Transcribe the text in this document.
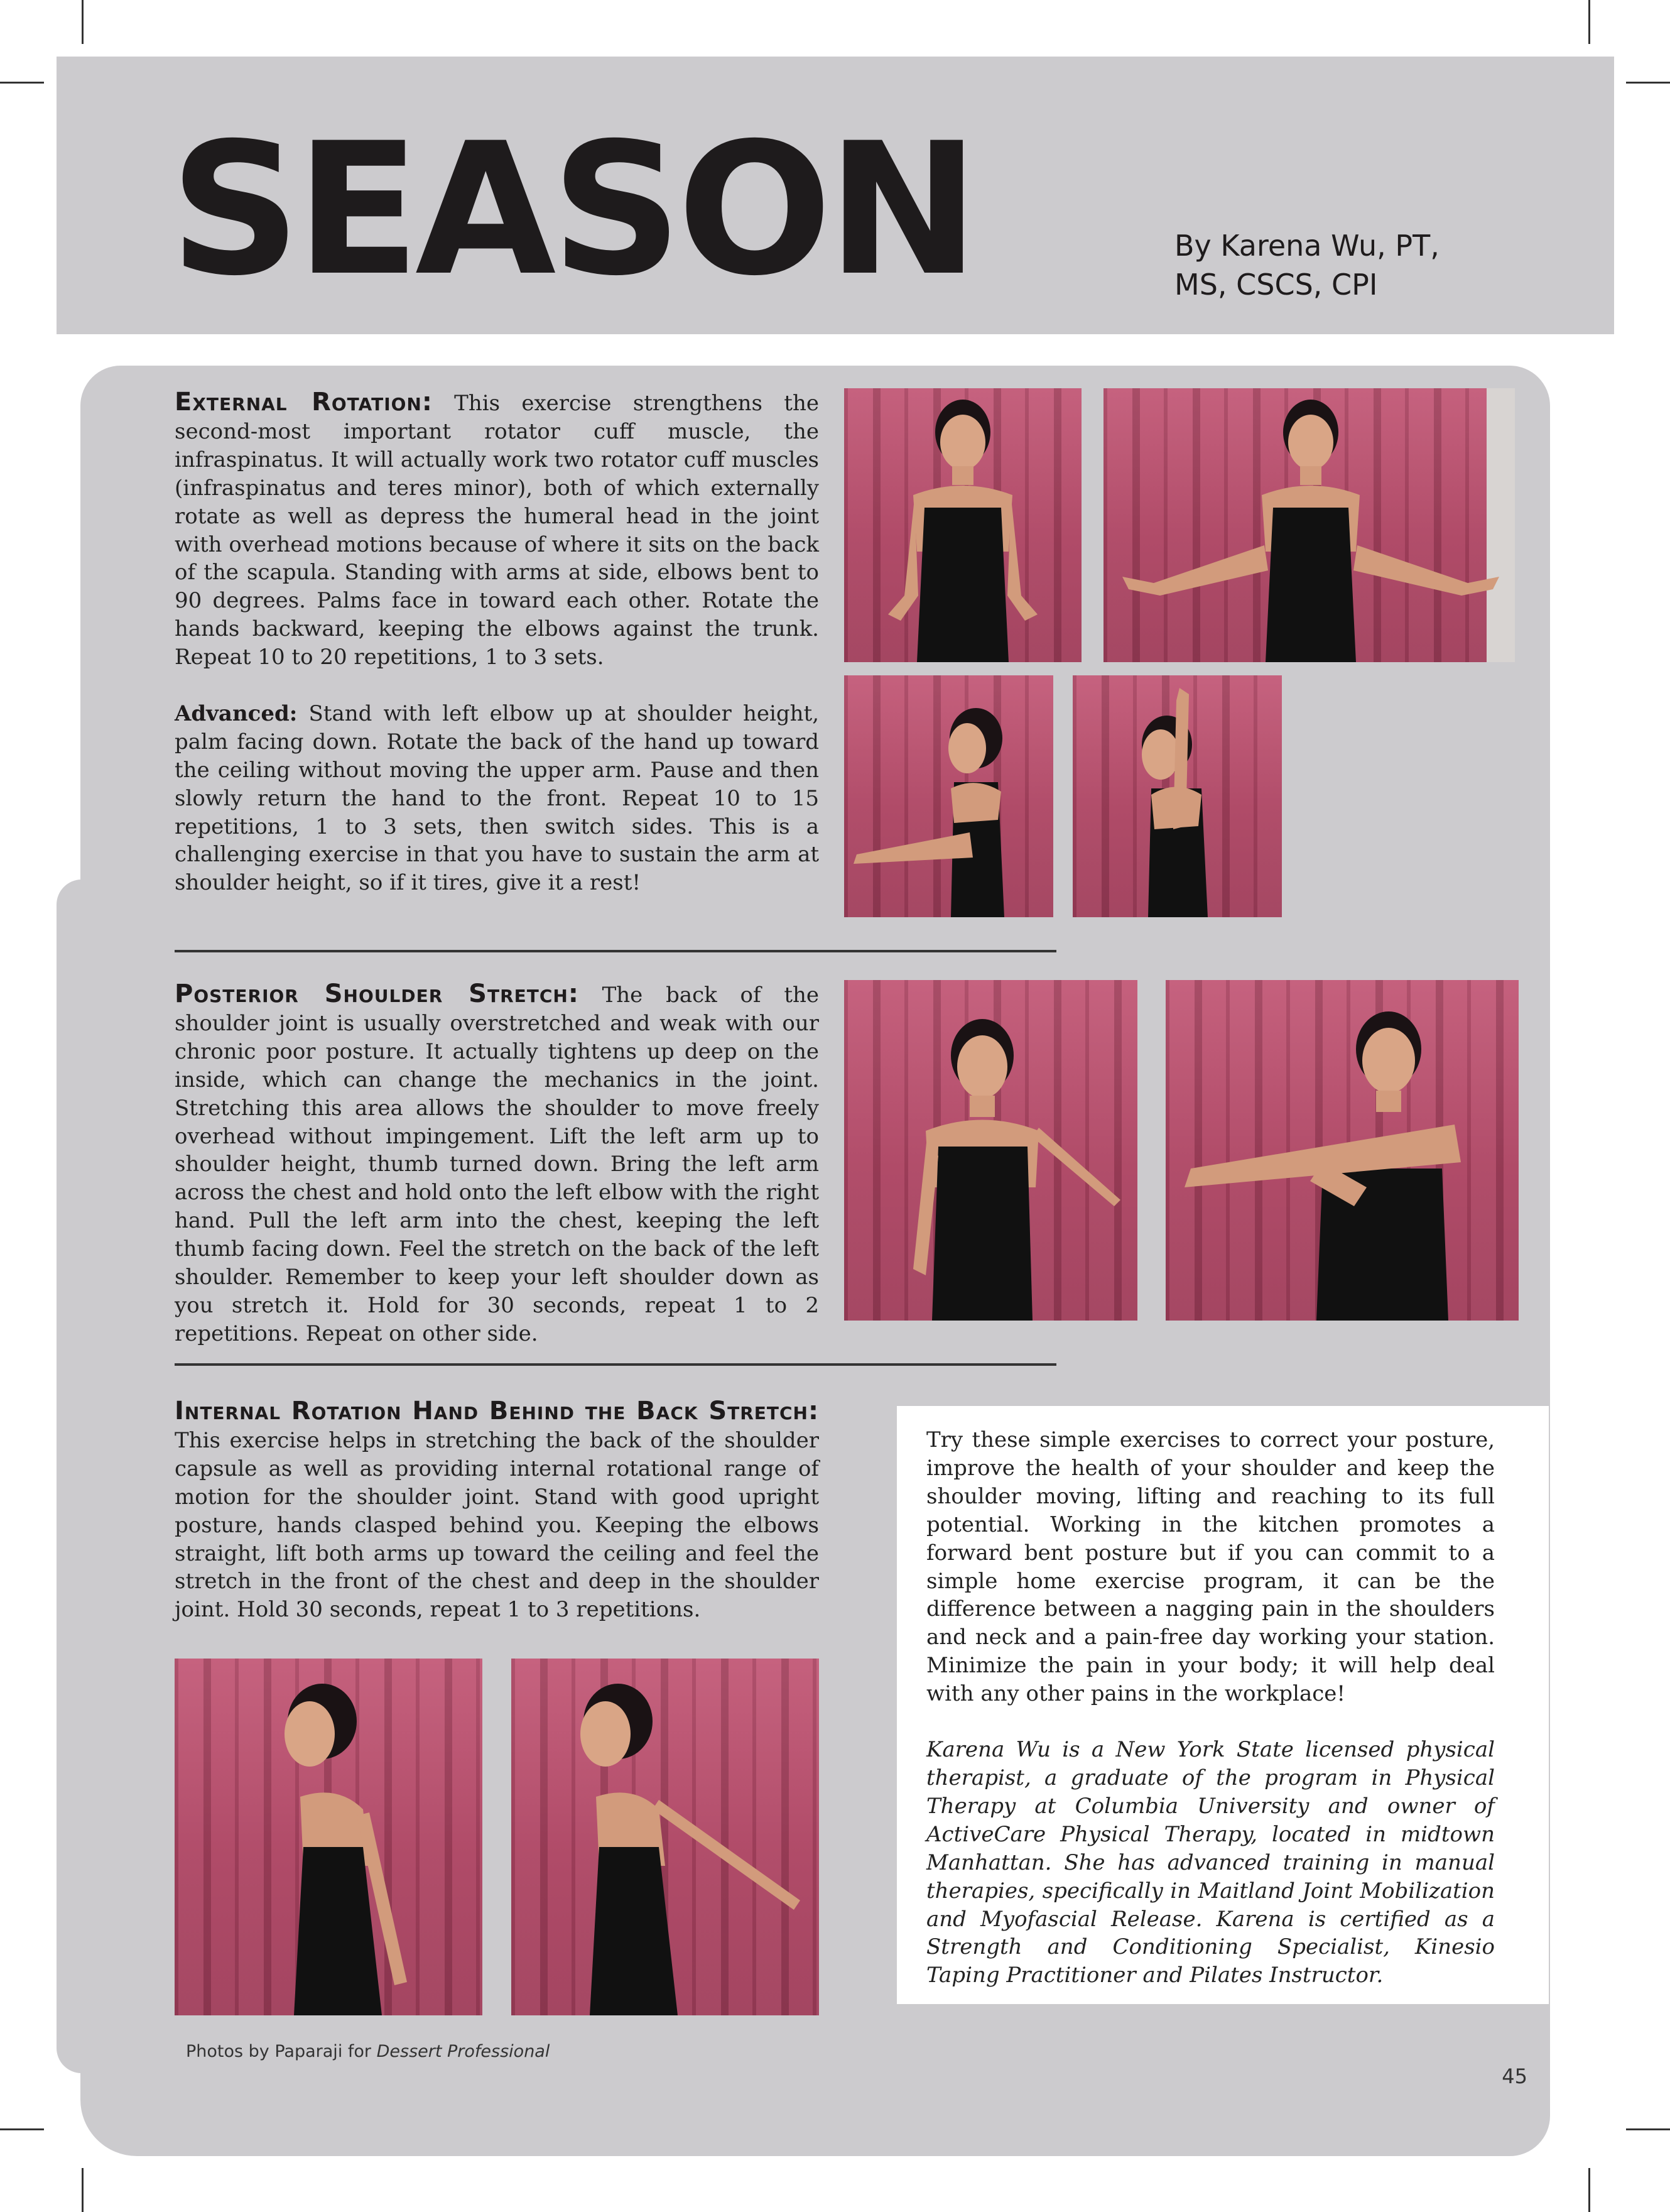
SEASON	By Karena Wu, PT,
MS, CSCS, CPI

External Rotation: This exercise strengthens the second-most important rotator cuff muscle, the infraspinatus. It will actually work two rotator cuff muscles (infraspinatus and teres minor), both of which externally rotate as well as depress the humeral head in the joint with overhead motions because of where it sits on the back of the scapula. Standing with arms at side, elbows bent to 90 degrees. Palms face in toward each other. Rotate the hands backward, keeping the elbows against the trunk. Repeat 10 to 20 repetitions, 1 to 3 sets.

Advanced: Stand with left elbow up at shoulder height, palm facing down. Rotate the back of the hand up toward the ceiling without moving the upper arm. Pause and then slowly return the hand to the front. Repeat 10 to 15 repetitions, 1 to 3 sets, then switch sides. This is a challenging exercise in that you have to sustain the arm at shoulder height, so if it tires, give it a rest!

Posterior Shoulder Stretch: The back of the shoulder joint is usually overstretched and weak with our chronic poor posture. It actually tightens up deep on the inside, which can change the mechanics in the joint. Stretching this area allows the shoulder to move freely overhead without impingement. Lift the left arm up to shoulder height, thumb turned down. Bring the left arm across the chest and hold onto the left elbow with the right hand. Pull the left arm into the chest, keeping the left thumb facing down. Feel the stretch on the back of the left shoulder. Remember to keep your left shoulder down as you stretch it. Hold for 30 seconds, repeat 1 to 2 repetitions. Repeat on other side.

Internal Rotation Hand Behind the Back Stretch: This exercise helps in stretching the back of the shoulder capsule as well as providing internal rotational range of motion for the shoulder joint. Stand with good upright posture, hands clasped behind you. Keeping the elbows straight, lift both arms up toward the ceiling and feel the stretch in the front of the chest and deep in the shoulder joint. Hold 30 seconds, repeat 1 to 3 repetitions.

Try these simple exercises to correct your posture, improve the health of your shoulder and keep the shoulder moving, lifting and reaching to its full potential. Working in the kitchen promotes a forward bent posture but if you can commit to a simple home exercise program, it can be the difference between a nagging pain in the shoulders and neck and a pain-free day working your station. Minimize the pain in your body; it will help deal with any other pains in the workplace!

Karena Wu is a New York State licensed physical therapist, a graduate of the program in Physical Therapy at Columbia University and owner of ActiveCare Physical Therapy, located in midtown Manhattan. She has advanced training in manual therapies, specifically in Maitland Joint Mobilization and Myofascial Release. Karena is certified as a Strength and Conditioning Specialist, Kinesio Taping Practitioner and Pilates Instructor.

Photos by Paparaji for Dessert Professional
45
